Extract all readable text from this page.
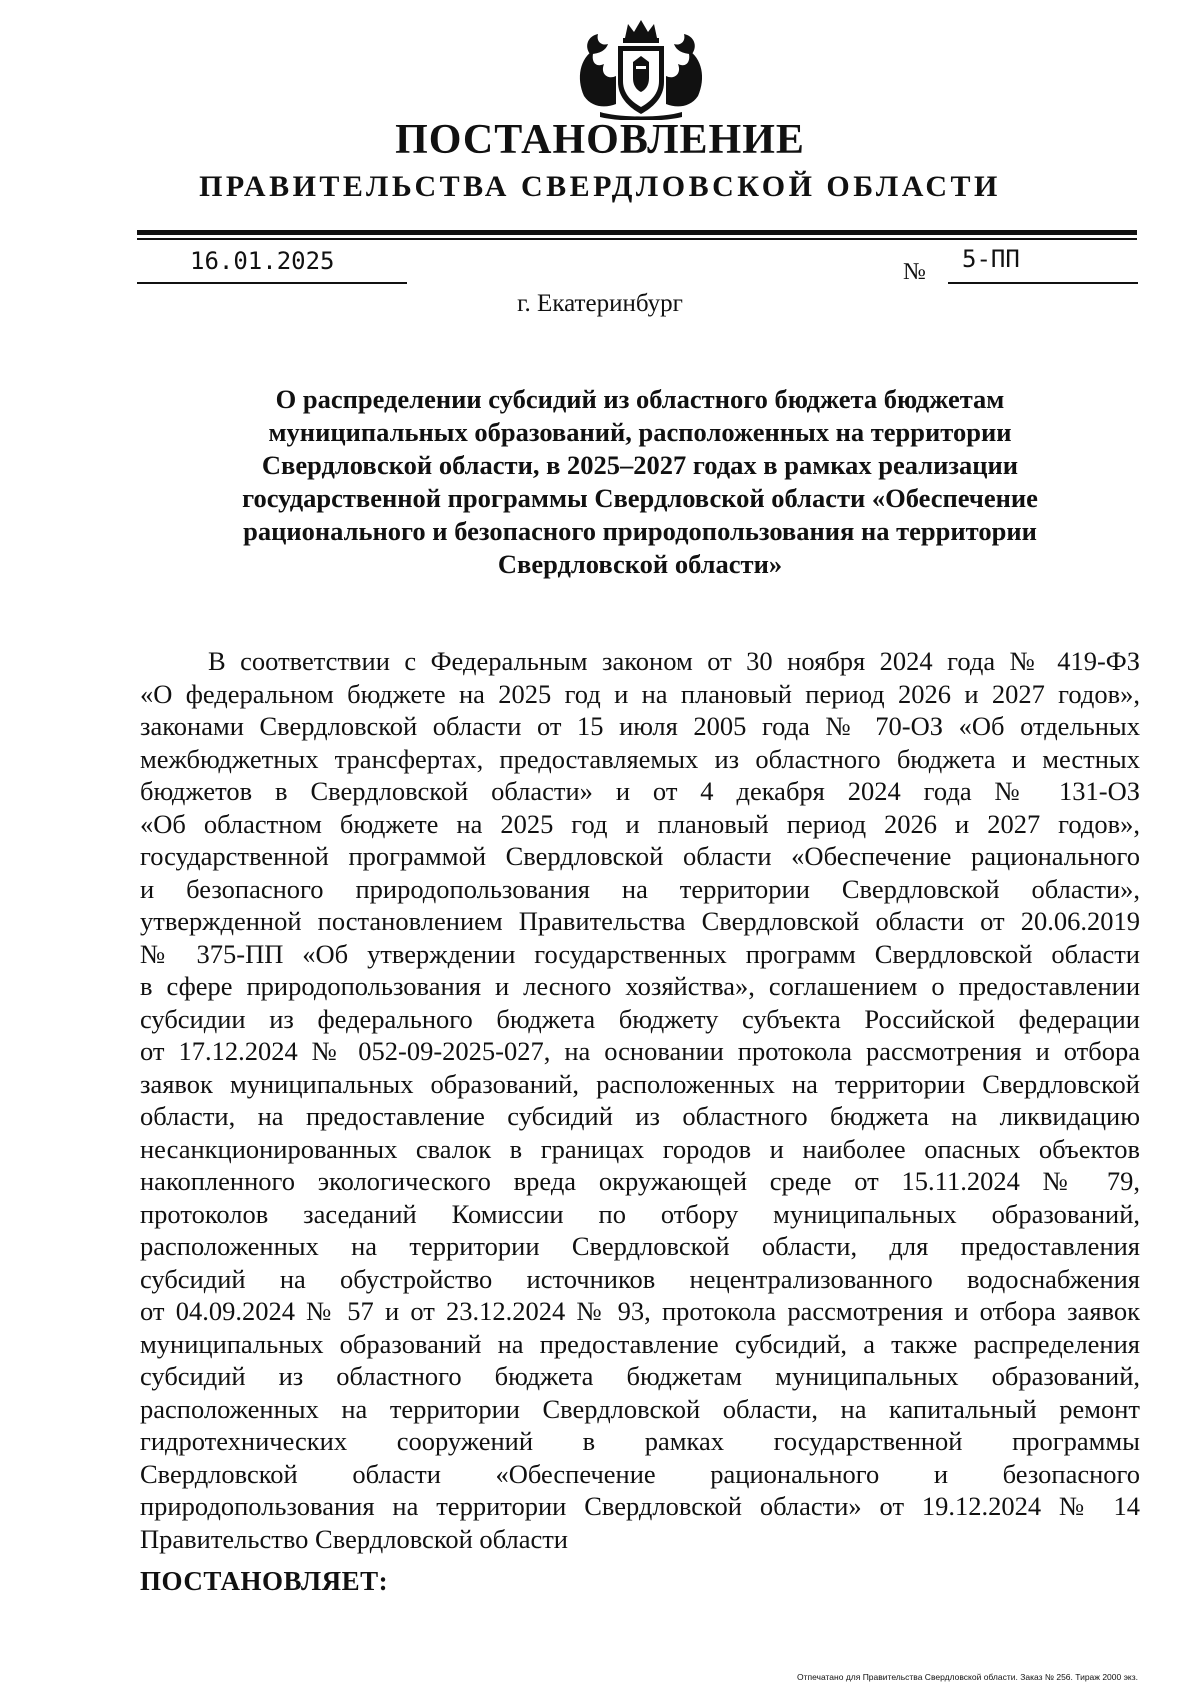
ПОСТАНОВЛЕНИЕ
ПРАВИТЕЛЬСТВА СВЕРДЛОВСКОЙ ОБЛАСТИ
16.01.2025	№ 5-ПП
г. Екатеринбург
О распределении субсидий из областного бюджета бюджетам
муниципальных образований, расположенных на территории
Свердловской области, в 2025–2027 годах в рамках реализации
государственной программы Свердловской области «Обеспечение
рационального и безопасного природопользования на территории
Свердловской области»
В соответствии с Федеральным законом от 30 ноября 2024 года № 419-ФЗ
«О федеральном бюджете на 2025 год и на плановый период 2026 и 2027 годов»,
законами Свердловской области от 15 июля 2005 года № 70-ОЗ «Об отдельных
межбюджетных трансфертах, предоставляемых из областного бюджета и местных
бюджетов в Свердловской области» и от 4 декабря 2024 года № 131-ОЗ
«Об областном бюджете на 2025 год и плановый период 2026 и 2027 годов»,
государственной программой Свердловской области «Обеспечение рационального
и безопасного природопользования на территории Свердловской области»,
утвержденной постановлением Правительства Свердловской области от 20.06.2019
№ 375-ПП «Об утверждении государственных программ Свердловской области
в сфере природопользования и лесного хозяйства», соглашением о предоставлении
субсидии из федерального бюджета бюджету субъекта Российской федерации
от 17.12.2024 № 052-09-2025-027, на основании протокола рассмотрения и отбора
заявок муниципальных образований, расположенных на территории Свердловской
области, на предоставление субсидий из областного бюджета на ликвидацию
несанкционированных свалок в границах городов и наиболее опасных объектов
накопленного экологического вреда окружающей среде от 15.11.2024 № 79,
протоколов заседаний Комиссии по отбору муниципальных образований,
расположенных на территории Свердловской области, для предоставления
субсидий на обустройство источников нецентрализованного водоснабжения
от 04.09.2024 № 57 и от 23.12.2024 № 93, протокола рассмотрения и отбора заявок
муниципальных образований на предоставление субсидий, а также распределения
субсидий из областного бюджета бюджетам муниципальных образований,
расположенных на территории Свердловской области, на капитальный ремонт
гидротехнических сооружений в рамках государственной программы
Свердловской области «Обеспечение рационального и безопасного
природопользования на территории Свердловской области» от 19.12.2024 № 14
Правительство Свердловской области
ПОСТАНОВЛЯЕТ:
Отпечатано для Правительства Свердловской области. Заказ № 256. Тираж 2000 экз.
